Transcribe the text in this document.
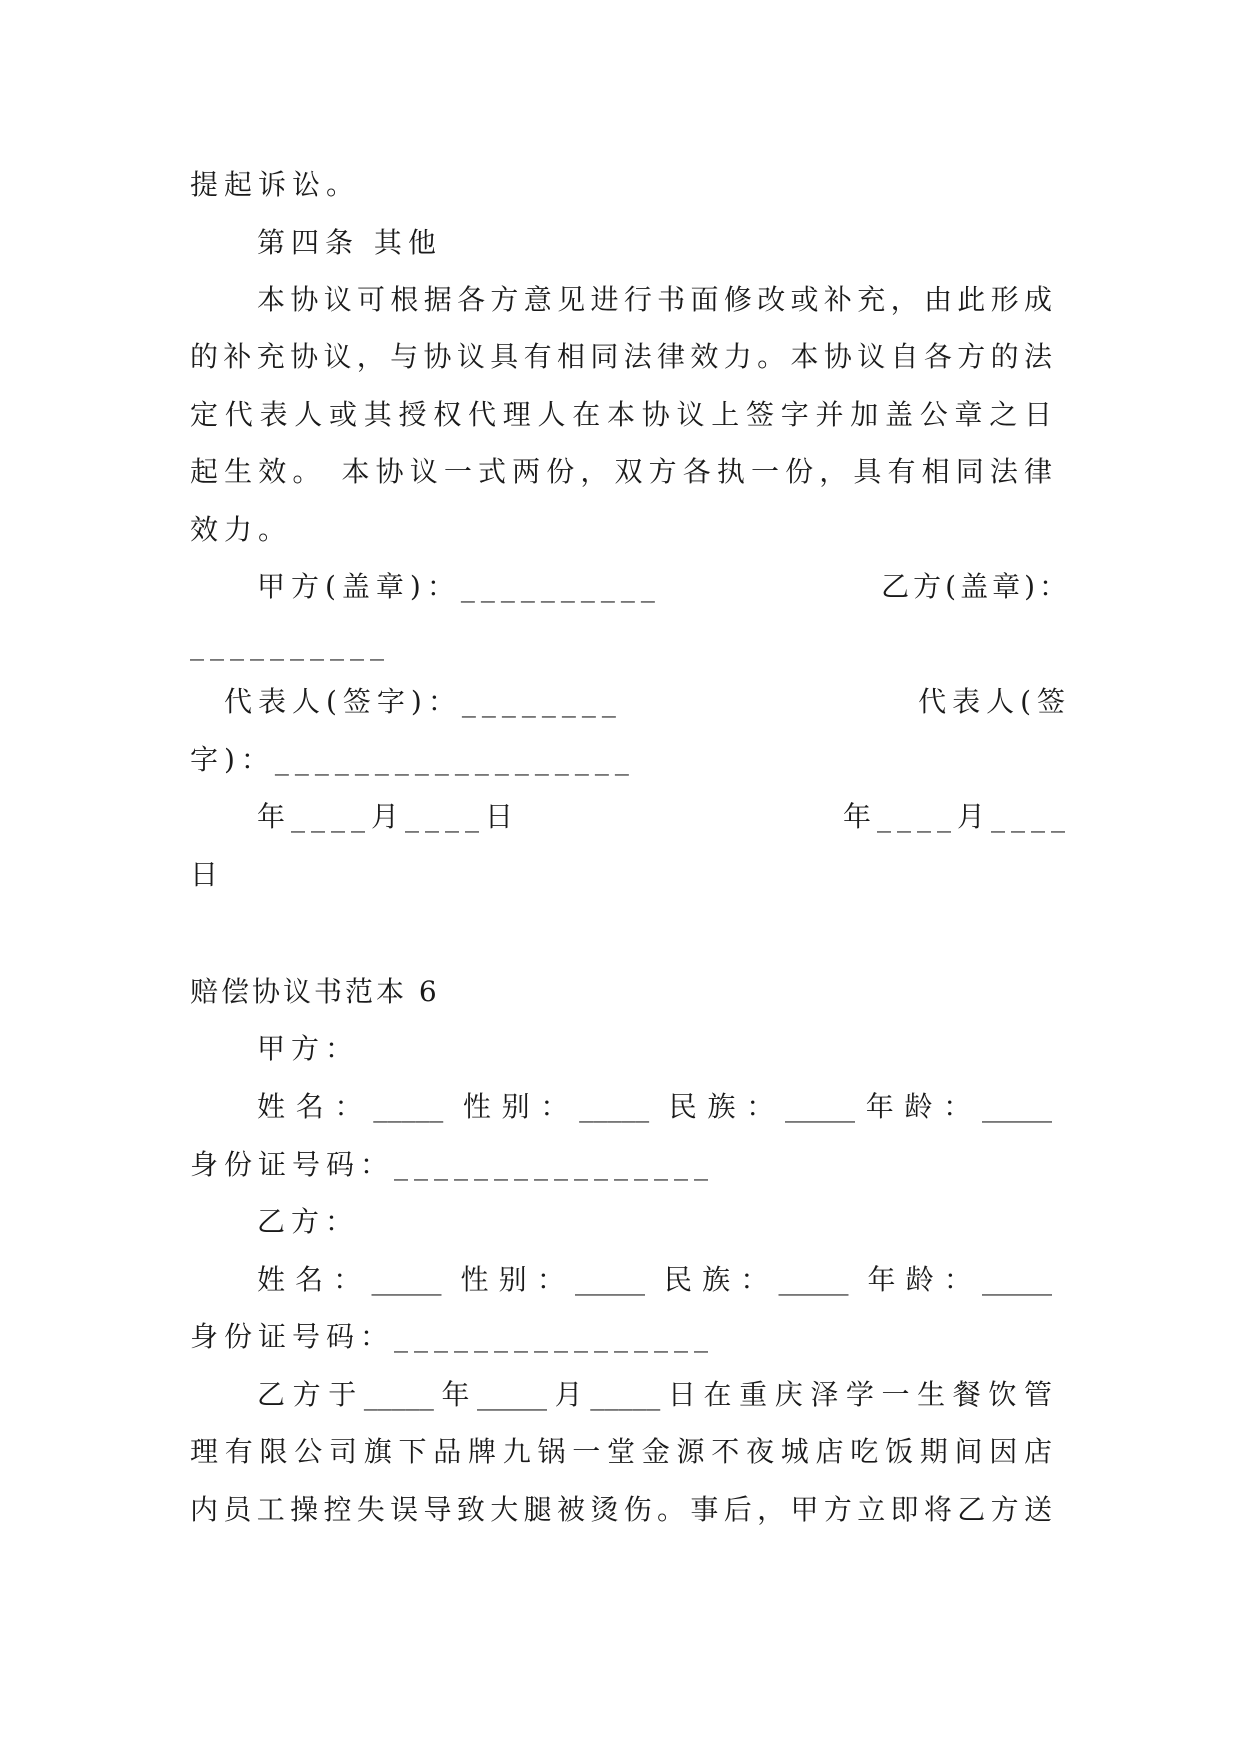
提起诉讼。
第四条 其他
本协议可根据各方意见进行书面修改或补充，由此形成
的补充协议，与协议具有相同法律效力。本协议自各方的法
定代表人或其授权代理人在本协议上签字并加盖公章之日
起生效。 本协议一式两份，双方各执一份，具有相同法律
效力。
甲方(盖章)：__________	乙方(盖章)：
__________
代表人(签字)：________	代表人(签
字)：__________________
年____月____日	年____月____
日
赔偿协议书范本 6
甲方：
姓名：_____ 性别：_____ 民族：_____年龄：_____
身份证号码：________________
乙方：
姓名：_____ 性别：_____ 民族：_____ 年龄：_____
身份证号码：________________
乙方于_____年_____月_____日在重庆泽学一生餐饮管
理有限公司旗下品牌九锅一堂金源不夜城店吃饭期间因店
内员工操控失误导致大腿被烫伤。事后，甲方立即将乙方送
